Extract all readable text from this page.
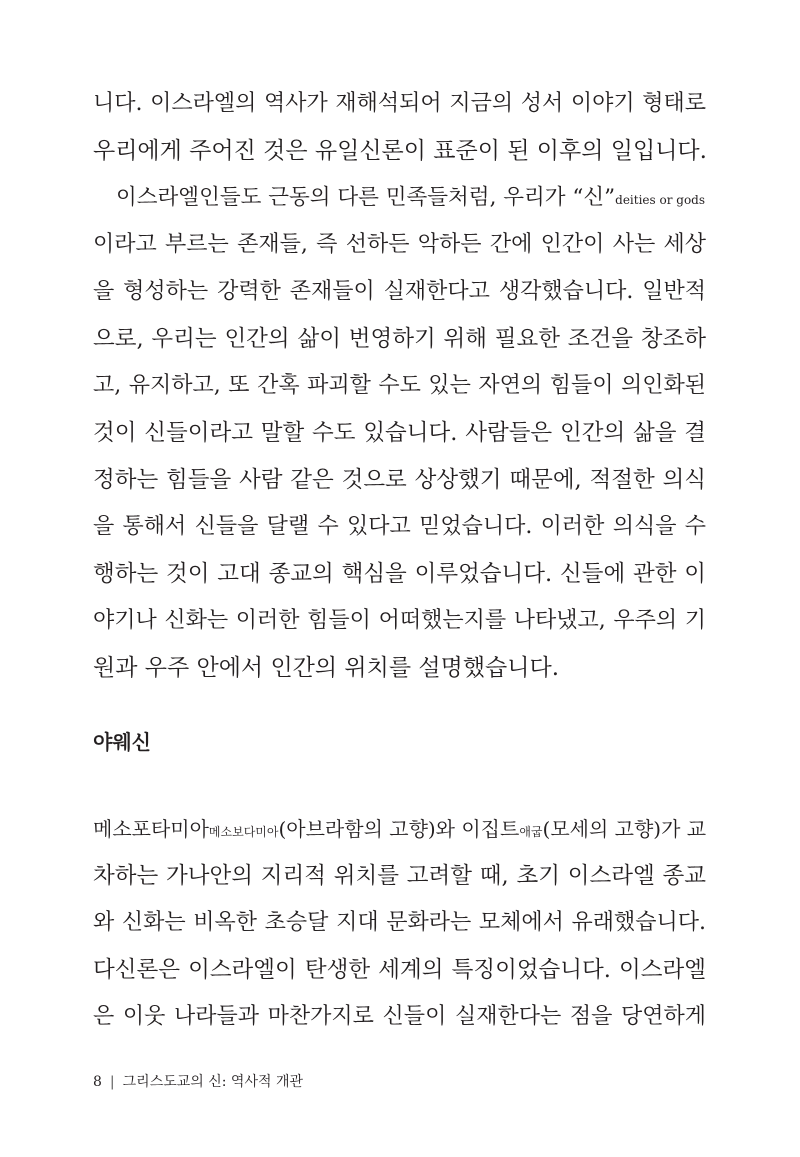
니다. 이스라엘의 역사가 재해석되어 지금의 성서 이야기 형태로
우리에게 주어진 것은 유일신론이 표준이 된 이후의 일입니다.
이스라엘인들도 근동의 다른 민족들처럼, 우리가 “신”deities or gods
이라고 부르는 존재들, 즉 선하든 악하든 간에 인간이 사는 세상
을 형성하는 강력한 존재들이 실재한다고 생각했습니다. 일반적
으로, 우리는 인간의 삶이 번영하기 위해 필요한 조건을 창조하
고, 유지하고, 또 간혹 파괴할 수도 있는 자연의 힘들이 의인화된
것이 신들이라고 말할 수도 있습니다. 사람들은 인간의 삶을 결
정하는 힘들을 사람 같은 것으로 상상했기 때문에, 적절한 의식
을 통해서 신들을 달랠 수 있다고 믿었습니다. 이러한 의식을 수
행하는 것이 고대 종교의 핵심을 이루었습니다. 신들에 관한 이
야기나 신화는 이러한 힘들이 어떠했는지를 나타냈고, 우주의 기
원과 우주 안에서 인간의 위치를 설명했습니다.
야웨신
메소포타미아메소보다미아(아브라함의 고향)와 이집트애굽(모세의 고향)가 교
차하는 가나안의 지리적 위치를 고려할 때, 초기 이스라엘 종교
와 신화는 비옥한 초승달 지대 문화라는 모체에서 유래했습니다.
다신론은 이스라엘이 탄생한 세계의 특징이었습니다. 이스라엘
은 이웃 나라들과 마찬가지로 신들이 실재한다는 점을 당연하게
8 | 그리스도교의 신: 역사적 개관
